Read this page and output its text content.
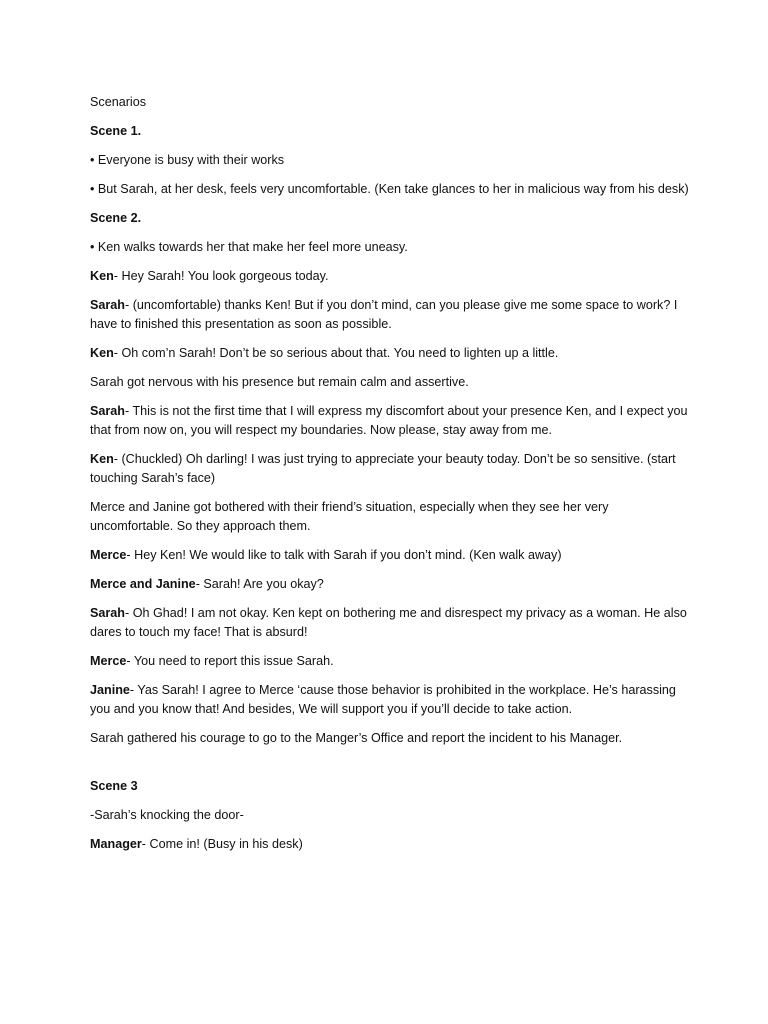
Scenarios

Scene 1.

• Everyone is busy with their works

• But Sarah, at her desk, feels very uncomfortable. (Ken take glances to her in malicious way from his desk)

Scene 2.

• Ken walks towards her that make her feel more uneasy.

Ken- Hey Sarah! You look gorgeous today.

Sarah- (uncomfortable) thanks Ken! But if you don’t mind, can you please give me some space to work? I have to finished this presentation as soon as possible.

Ken- Oh com’n Sarah! Don’t be so serious about that. You need to lighten up a little.

Sarah got nervous with his presence but remain calm and assertive.

Sarah- This is not the first time that I will express my discomfort about your presence Ken, and I expect you that from now on, you will respect my boundaries. Now please, stay away from me.

Ken- (Chuckled) Oh darling! I was just trying to appreciate your beauty today. Don’t be so sensitive. (start touching Sarah’s face)

Merce and Janine got bothered with their friend’s situation, especially when they see her very uncomfortable. So they approach them.

Merce- Hey Ken! We would like to talk with Sarah if you don’t mind. (Ken walk away)

Merce and Janine- Sarah! Are you okay?

Sarah- Oh Ghad! I am not okay. Ken kept on bothering me and disrespect my privacy as a woman. He also dares to touch my face! That is absurd!

Merce- You need to report this issue Sarah.

Janine- Yas Sarah! I agree to Merce ‘cause those behavior is prohibited in the workplace. He’s harassing you and you know that! And besides, We will support you if you’ll decide to take action.

Sarah gathered his courage to go to the Manger’s Office and report the incident to his Manager.

Scene 3

-Sarah’s knocking the door-

Manager- Come in! (Busy in his desk)
